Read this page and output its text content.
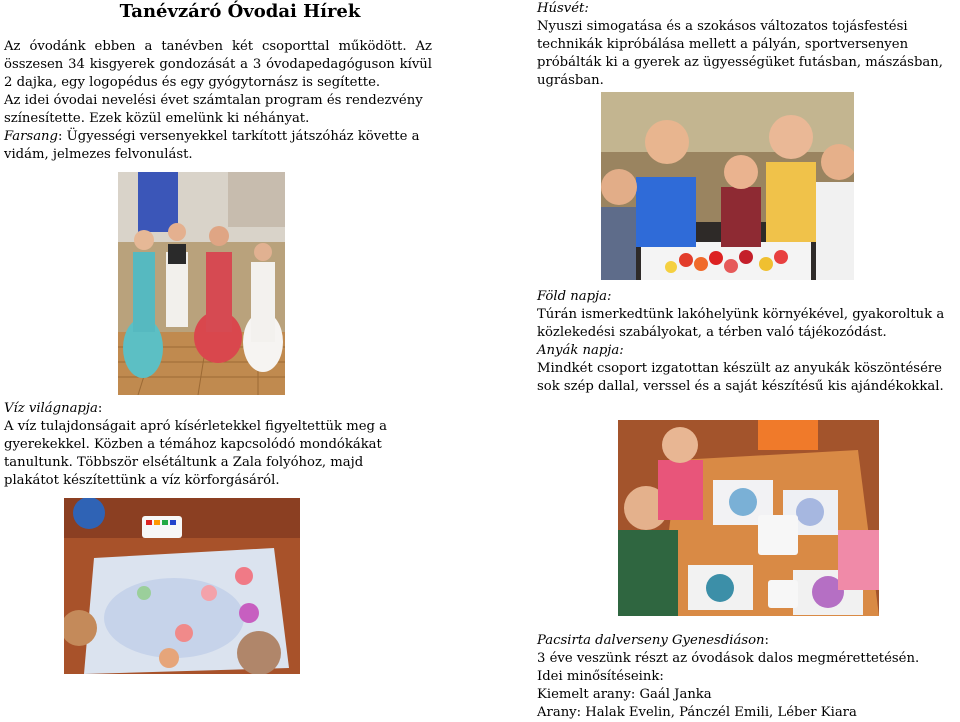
Tanévzáró Óvodai Hírek

Az óvodánk ebben a tanévben két csoporttal működött. Az összesen 34 kisgyerek gondozását a 3 óvodapedagóguson kívül 2 dajka, egy logopédus és egy gyógytornász is segítette.

Az idei óvodai nevelési évet számtalan program és rendezvény színesítette. Ezek közül emelünk ki néhányat.

Farsang: Ügyességi versenyekkel tarkított játszóház követte a vidám, jelmezes felvonulást.

Víz világnapja:

A víz tulajdonságait apró kísérletekkel figyeltettük meg a gyerekekkel. Közben a témához kapcsolódó mondókákat tanultunk. Többször elsétáltunk a Zala folyóhoz, majd plakátot készítettünk a víz körforgásáról.

Húsvét:

Nyuszi simogatása és a szokásos változatos tojásfestési technikák kipróbálása mellett a pályán, sportversenyen próbálták ki a gyerek az ügyességüket futásban, mászásban, ugrásban.

Föld napja:

Túrán ismerkedtünk lakóhelyünk környékével, gyakoroltuk a közlekedési szabályokat, a térben való tájékozódást.

Anyák napja:

Mindkét csoport izgatottan készült az anyukák köszöntésére sok szép dallal, verssel és a saját készítésű kis ajándékokkal.

Pacsirta dalverseny Gyenesdiáson:

3 éve veszünk részt az óvodások dalos megmérettetésén.

Idei minősítéseink:

Kiemelt arany: Gaál Janka

Arany: Halak Evelin, Pánczél Emili, Léber Kiara
